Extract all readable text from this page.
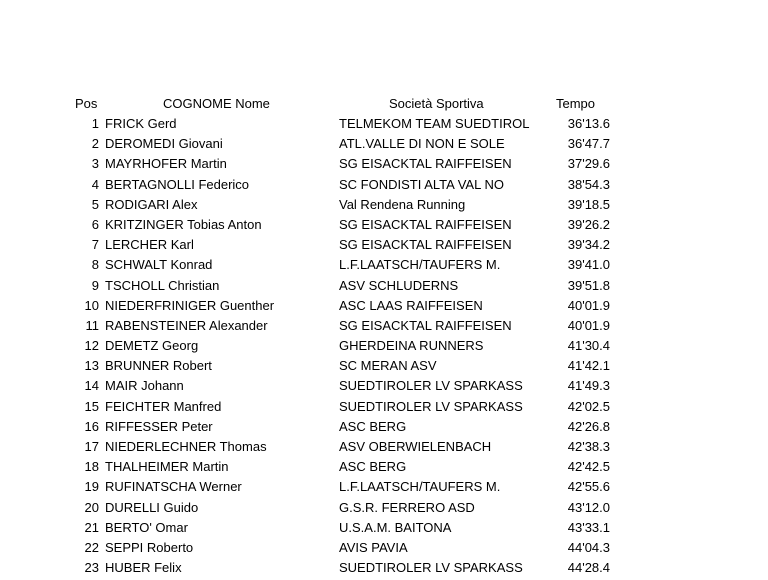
Pos	COGNOME Nome	Società Sportiva	Tempo
1 FRICK Gerd	TELMEKOM TEAM SUEDTIROL	36'13.6
2 DEROMEDI Giovani	ATL.VALLE DI NON E SOLE	36'47.7
3 MAYRHOFER Martin	SG EISACKTAL RAIFFEISEN	37'29.6
4 BERTAGNOLLI Federico	SC FONDISTI ALTA VAL NO	38'54.3
5 RODIGARI Alex	Val Rendena Running	39'18.5
6 KRITZINGER Tobias Anton	SG EISACKTAL RAIFFEISEN	39'26.2
7 LERCHER Karl	SG EISACKTAL RAIFFEISEN	39'34.2
8 SCHWALT Konrad	L.F.LAATSCH/TAUFERS M.	39'41.0
9 TSCHOLL Christian	ASV SCHLUDERNS	39'51.8
10 NIEDERFRINIGER Guenther	ASC LAAS RAIFFEISEN	40'01.9
11 RABENSTEINER Alexander	SG EISACKTAL RAIFFEISEN	40'01.9
12 DEMETZ Georg	GHERDEINA RUNNERS	41'30.4
13 BRUNNER Robert	SC MERAN ASV	41'42.1
14 MAIR Johann	SUEDTIROLER LV SPARKASS	41'49.3
15 FEICHTER Manfred	SUEDTIROLER LV SPARKASS	42'02.5
16 RIFFESSER Peter	ASC BERG	42'26.8
17 NIEDERLECHNER Thomas	ASV OBERWIELENBACH	42'38.3
18 THALHEIMER Martin	ASC BERG	42'42.5
19 RUFINATSCHA Werner	L.F.LAATSCH/TAUFERS M.	42'55.6
20 DURELLI Guido	G.S.R. FERRERO ASD	43'12.0
21 BERTO' Omar	U.S.A.M. BAITONA	43'33.1
22 SEPPI Roberto	AVIS PAVIA	44'04.3
23 HUBER Felix	SUEDTIROLER LV SPARKASS	44'28.4
